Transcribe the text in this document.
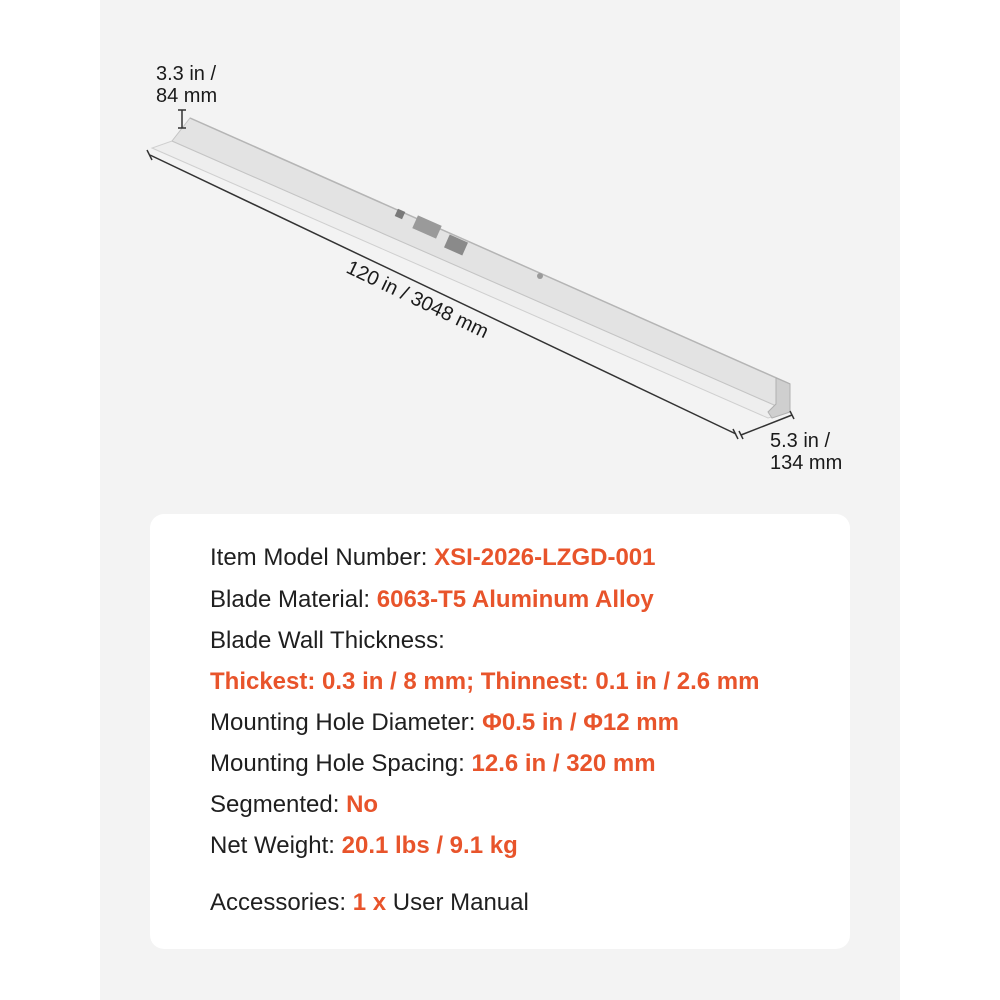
3.3 in /
84 mm
120 in / 3048 mm
5.3 in /
134 mm
Item Model Number: XSI-2026-LZGD-001
Blade Material: 6063-T5 Aluminum Alloy
Blade Wall Thickness:
Thickest: 0.3 in / 8 mm; Thinnest: 0.1 in / 2.6 mm
Mounting Hole Diameter: Φ0.5 in / Φ12 mm
Mounting Hole Spacing: 12.6 in / 320 mm
Segmented: No
Net Weight: 20.1 lbs / 9.1 kg
Accessories: 1 x User Manual
